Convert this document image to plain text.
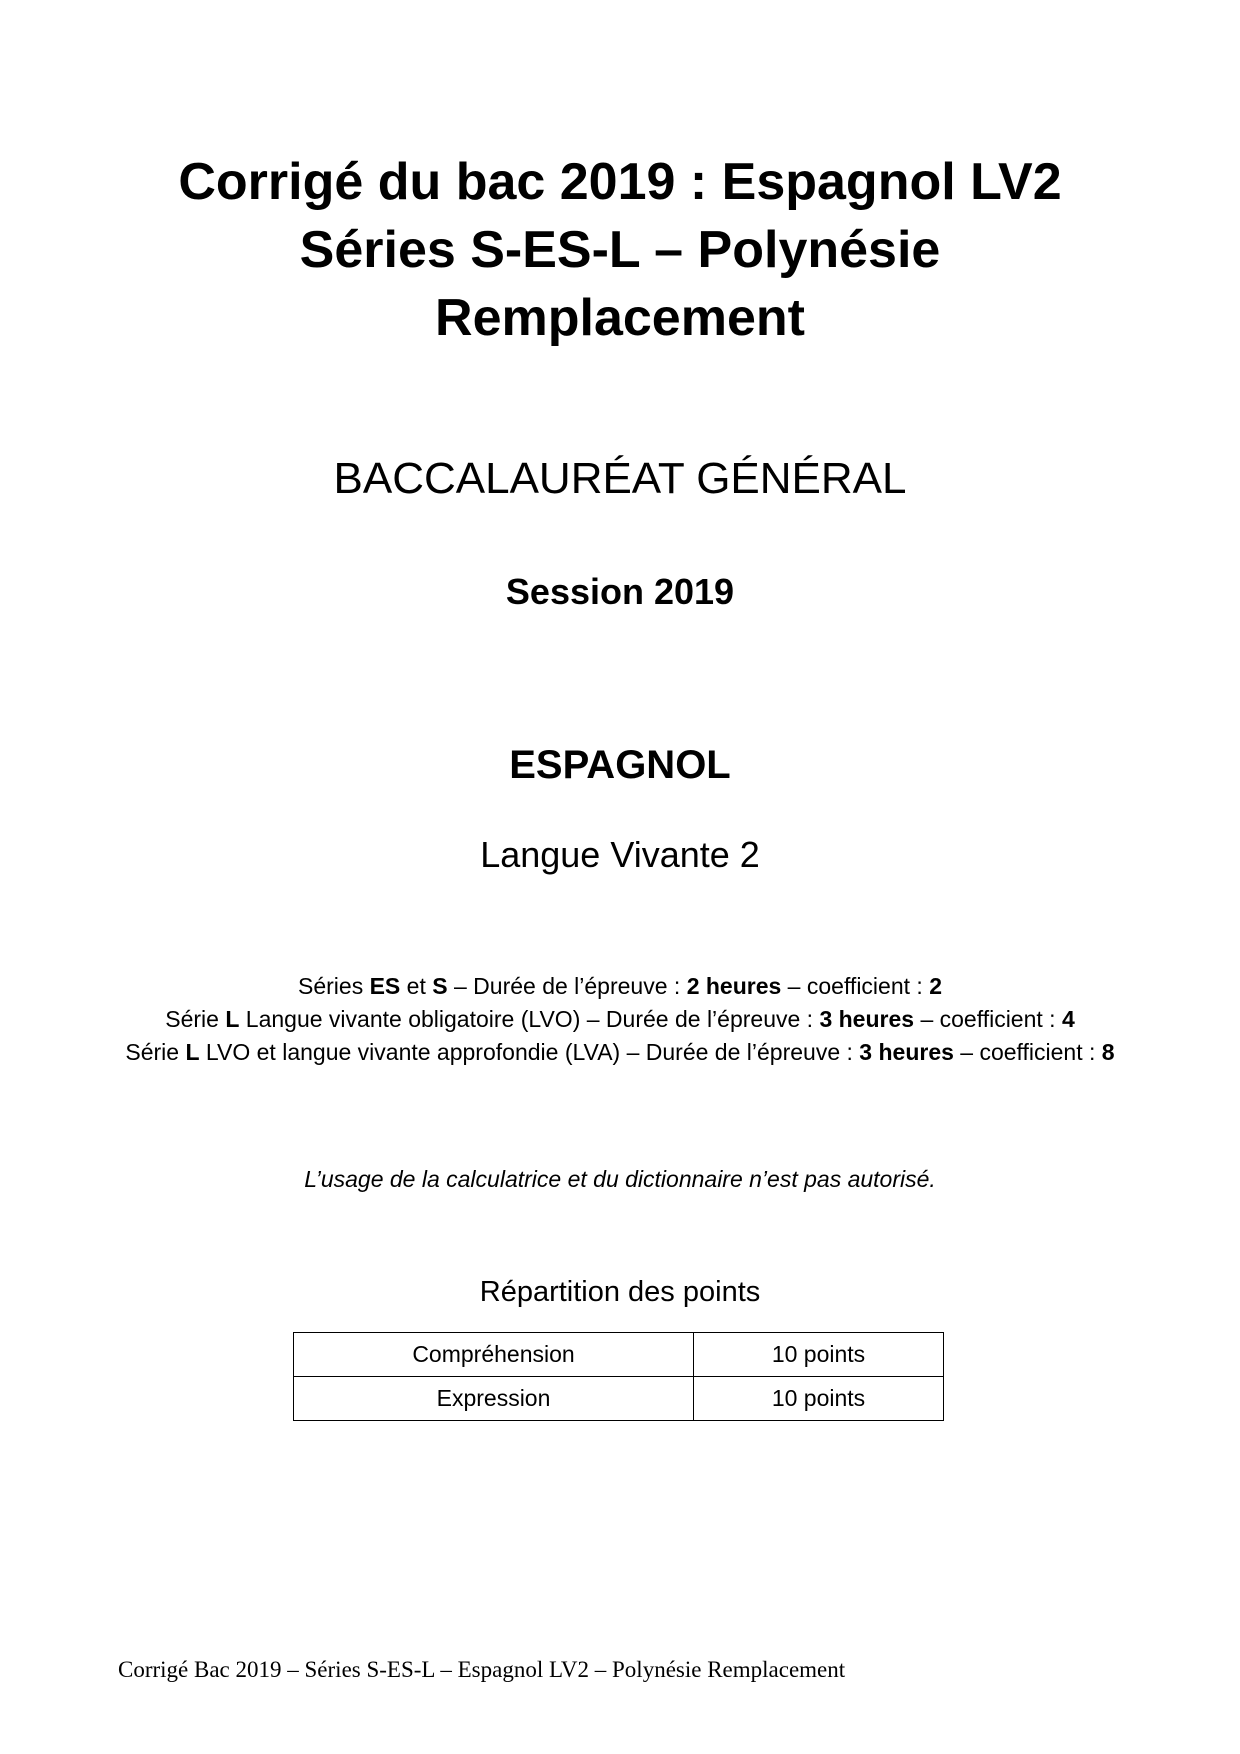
Corrigé du bac 2019 : Espagnol LV2
Séries S-ES-L – Polynésie
Remplacement
BACCALAURÉAT GÉNÉRAL
Session 2019
ESPAGNOL
Langue Vivante 2
Séries ES et S – Durée de l’épreuve : 2 heures – coefficient : 2
Série L Langue vivante obligatoire (LVO) – Durée de l’épreuve : 3 heures – coefficient : 4
Série L LVO et langue vivante approfondie (LVA) – Durée de l’épreuve : 3 heures – coefficient : 8
L’usage de la calculatrice et du dictionnaire n’est pas autorisé.
Répartition des points
Compréhension	10 points
Expression	10 points
Corrigé Bac 2019 – Séries S-ES-L – Espagnol LV2 – Polynésie Remplacement
